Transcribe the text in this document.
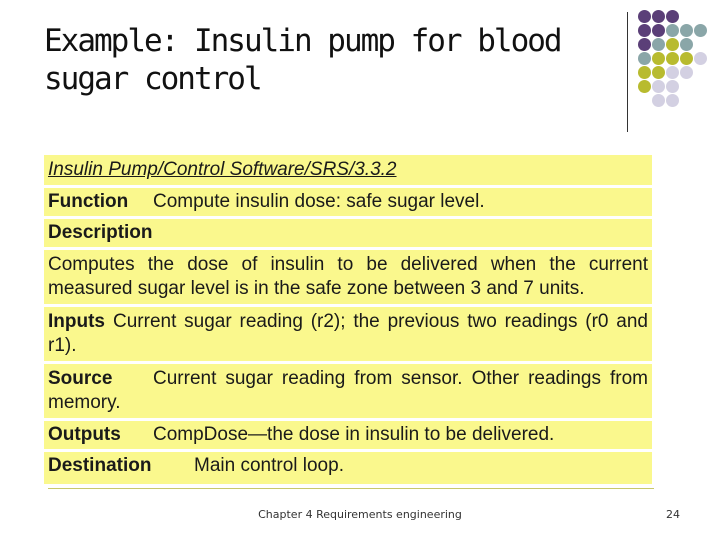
Example: Insulin pump for blood sugar control
Insulin Pump/Control Software/SRS/3.3.2
Function Compute insulin dose: safe sugar level.
Description
Computes the dose of insulin to be delivered when the current measured sugar level is in the safe zone between 3 and 7 units.
Inputs Current sugar reading (r2); the previous two readings (r0 and r1).
Source Current sugar reading from sensor. Other readings from memory.
Outputs CompDose—the dose in insulin to be delivered.
Destination Main control loop.
Chapter 4 Requirements engineering	24
